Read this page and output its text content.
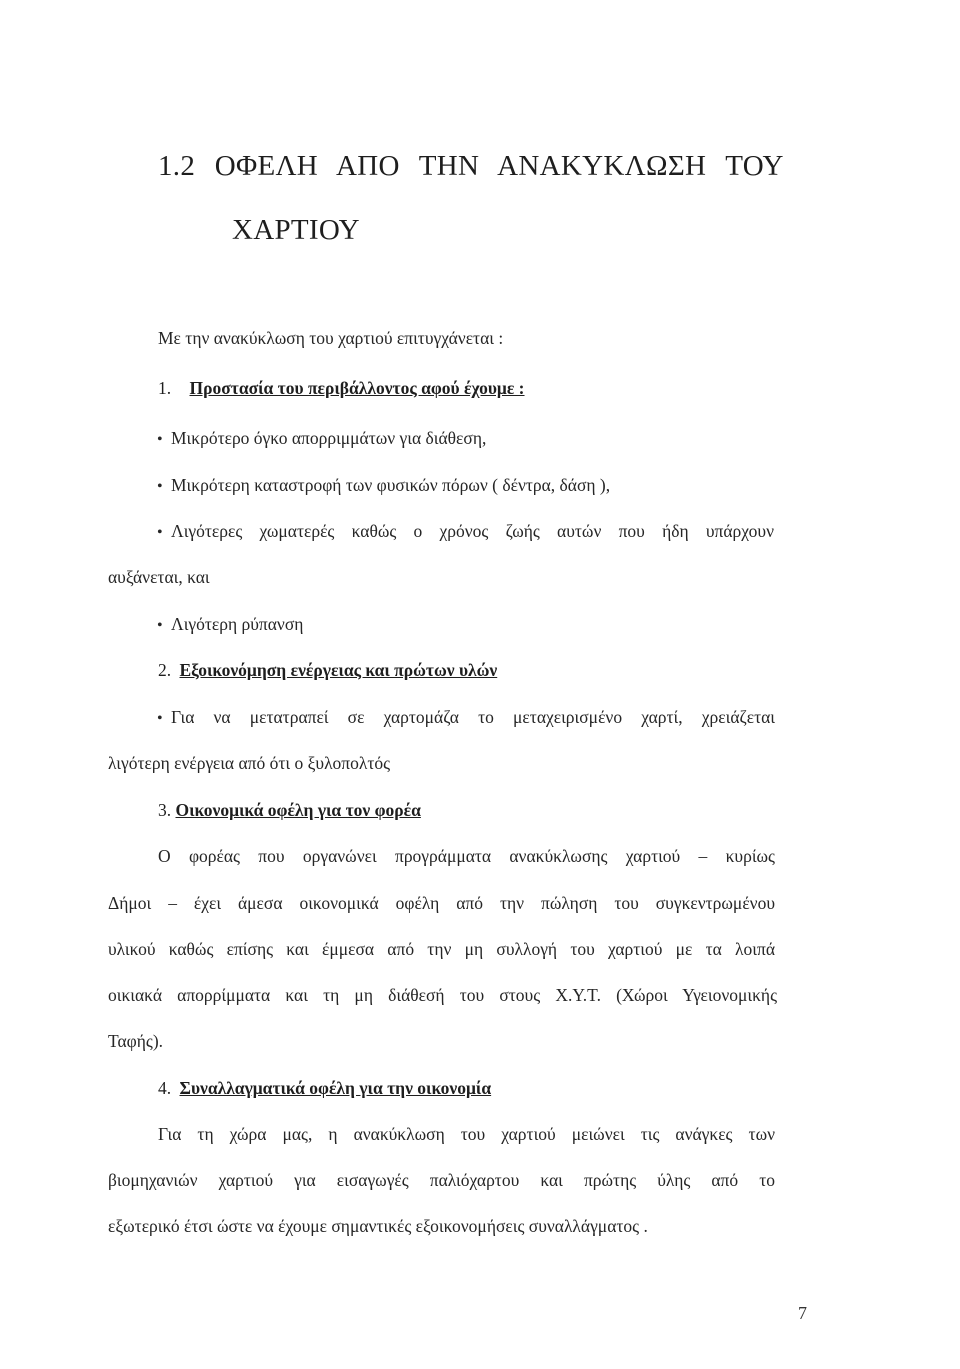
1.2 ΟΦΕΛΗ ΑΠΟ ΤΗΝ ΑΝΑΚΥΚΛΩΣΗ ΤΟΥ
ΧΑΡΤΙΟΥ
Με την ανακύκλωση του χαρτιού επιτυγχάνεται :
1. Προστασία του περιβάλλοντος αφού έχουμε :
• Μικρότερο όγκο απορριμμάτων για διάθεση,
• Μικρότερη καταστροφή των φυσικών πόρων ( δέντρα, δάση ),
• Λιγότερες χωματερές καθώς ο χρόνος ζωής αυτών που ήδη υπάρχουν
αυξάνεται, και
• Λιγότερη ρύπανση
2. Εξοικονόμηση ενέργειας και πρώτων υλών
• Για να μετατραπεί σε χαρτομάζα το μεταχειρισμένο χαρτί, χρειάζεται
λιγότερη ενέργεια από ότι ο ξυλοπολτός
3. Οικονομικά οφέλη για τον φορέα
Ο φορέας που οργανώνει προγράμματα ανακύκλωσης χαρτιού – κυρίως
Δήμοι – έχει άμεσα οικονομικά οφέλη από την πώληση του συγκεντρωμένου
υλικού καθώς επίσης και έμμεσα από την μη συλλογή του χαρτιού με τα λοιπά
οικιακά απορρίμματα και τη μη διάθεσή του στους Χ.Υ.Τ. (Χώροι Υγειονομικής
Ταφής).
4. Συναλλαγματικά οφέλη για την οικονομία
Για τη χώρα μας, η ανακύκλωση του χαρτιού μειώνει τις ανάγκες των
βιομηχανιών χαρτιού για εισαγωγές παλιόχαρτου και πρώτης ύλης από το
εξωτερικό έτσι ώστε να έχουμε σημαντικές εξοικονομήσεις συναλλάγματος .
7
